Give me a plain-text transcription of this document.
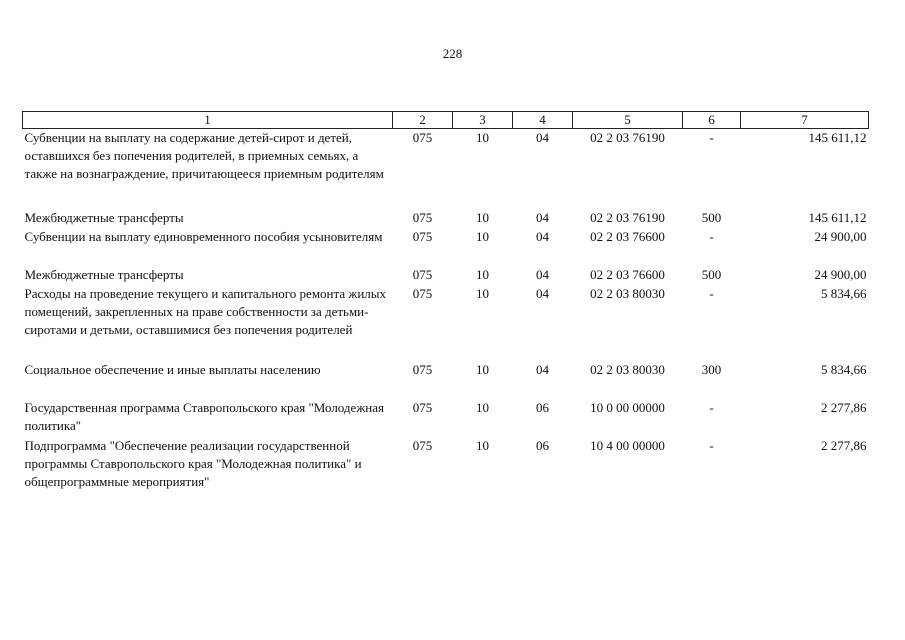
228
1	2	3	4	5	6	7
Субвенции на выплату на содержание детей-сирот и детей, оставшихся без попечения родителей, в приемных семьях, а также на вознаграждение, причитающееся приемным родителям	075	10	04	02 2 03 76190	-	145 611,12
Межбюджетные трансферты	075	10	04	02 2 03 76190	500	145 611,12
Субвенции на выплату единовременного пособия усыновителям	075	10	04	02 2 03 76600	-	24 900,00
Межбюджетные трансферты	075	10	04	02 2 03 76600	500	24 900,00
Расходы на проведение текущего и капитального ремонта жилых помещений, закрепленных на праве собственности за детьми-сиротами и детьми, оставшимися без попечения родителей	075	10	04	02 2 03 80030	-	5 834,66
Социальное обеспечение и иные выплаты населению	075	10	04	02 2 03 80030	300	5 834,66
Государственная программа Ставропольского края "Молодежная политика"	075	10	06	10 0 00 00000	-	2 277,86
Подпрограмма "Обеспечение реализации государственной программы Ставропольского края "Молодежная политика" и общепрограммные мероприятия"	075	10	06	10 4 00 00000	-	2 277,86
